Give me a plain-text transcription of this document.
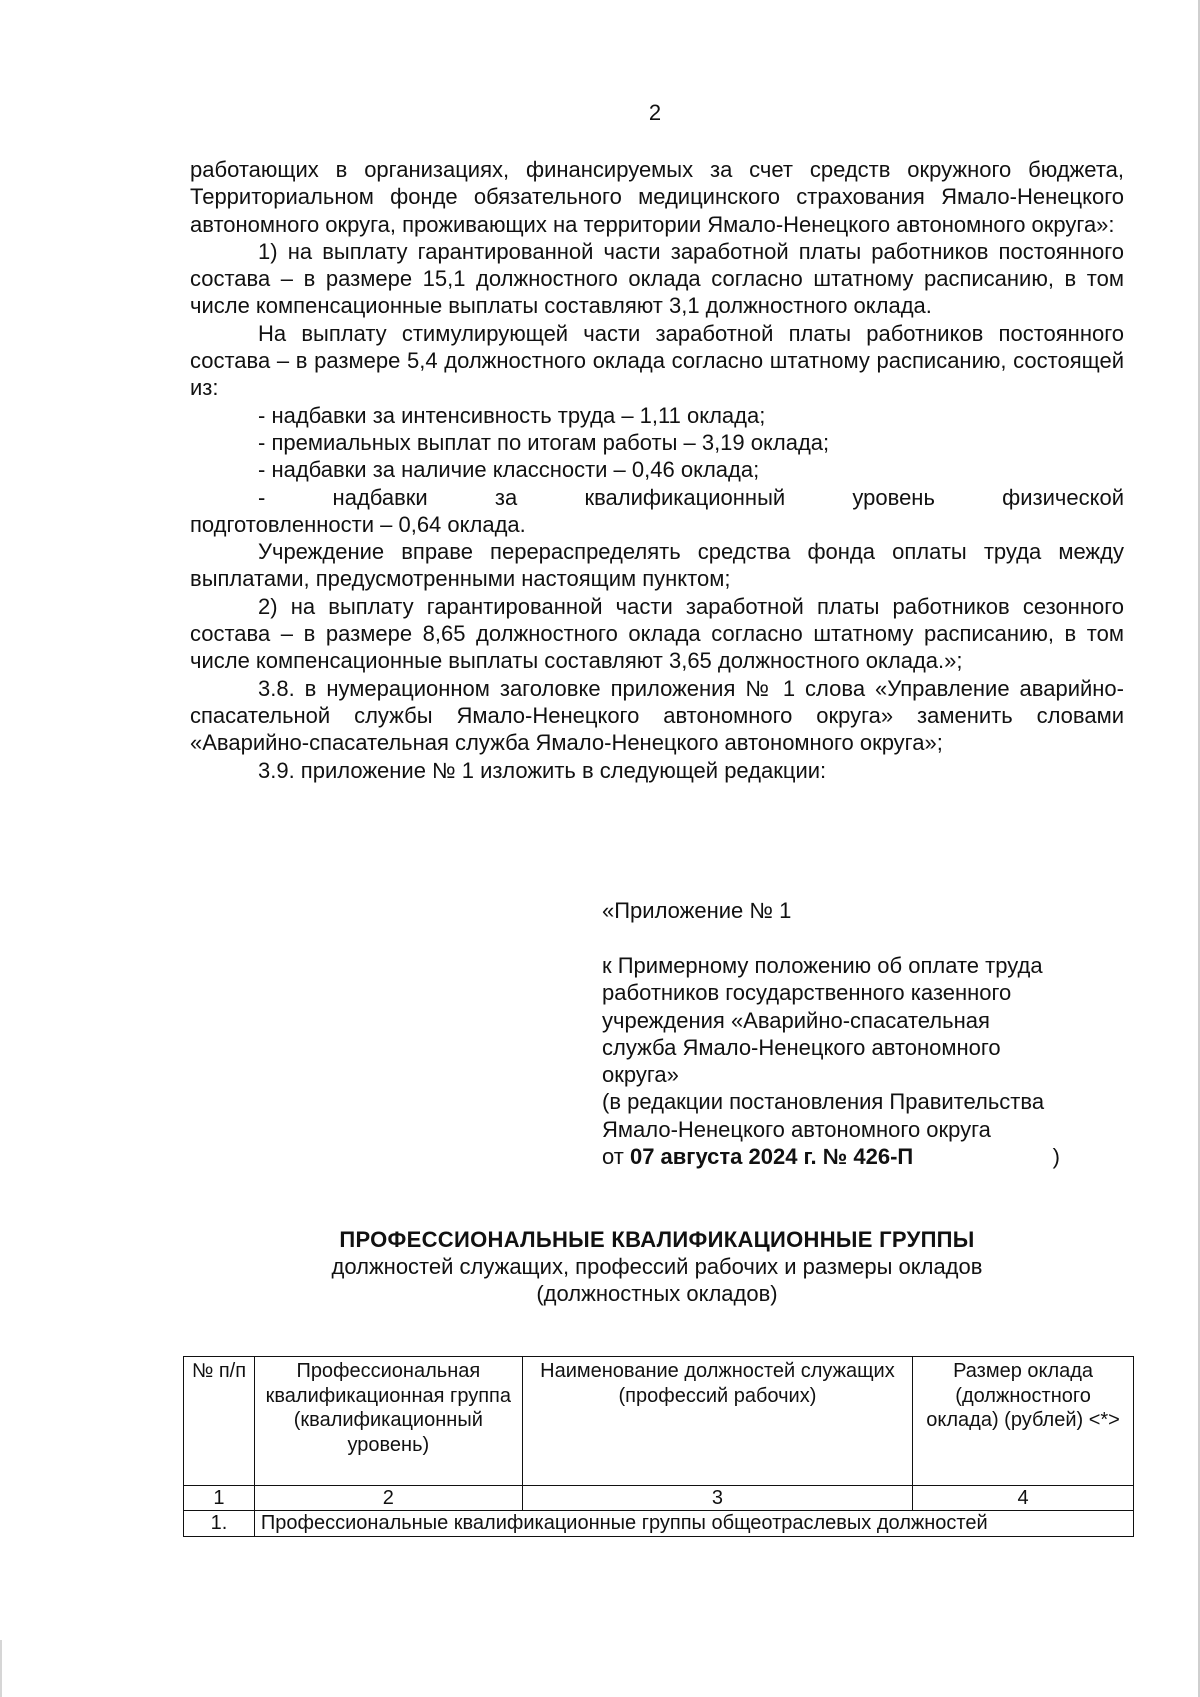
2

работающих в организациях, финансируемых за счет средств окружного бюджета, Территориальном фонде обязательного медицинского страхования Ямало-Ненецкого автономного округа, проживающих на территории Ямало-Ненецкого автономного округа»:

1) на выплату гарантированной части заработной платы работников постоянного состава – в размере 15,1 должностного оклада согласно штатному расписанию, в том числе компенсационные выплаты составляют 3,1 должностного оклада.

На выплату стимулирующей части заработной платы работников постоянного состава – в размере 5,4 должностного оклада согласно штатному расписанию, состоящей из:

- надбавки за интенсивность труда – 1,11 оклада;

- премиальных выплат по итогам работы – 3,19 оклада;

- надбавки за наличие классности – 0,46 оклада;

- надбавки за квалификационный уровень физической

подготовленности – 0,64 оклада.

Учреждение вправе перераспределять средства фонда оплаты труда между выплатами, предусмотренными настоящим пунктом;

2) на выплату гарантированной части заработной платы работников сезонного состава – в размере 8,65 должностного оклада согласно штатному расписанию, в том числе компенсационные выплаты составляют 3,65 должностного оклада.»;

3.8. в нумерационном заголовке приложения № 1 слова «Управление аварийно-спасательной службы Ямало-Ненецкого автономного округа» заменить словами «Аварийно-спасательная служба Ямало-Ненецкого автономного округа»;

3.9. приложение № 1 изложить в следующей редакции:

«Приложение № 1
к Примерному положению об оплате труда
работников государственного казенного
учреждения «Аварийно-спасательная
служба Ямало-Ненецкого автономного
округа»
(в редакции постановления Правительства
Ямало-Ненецкого автономного округа
от 07 августа 2024 г. № 426-П	)
ПРОФЕССИОНАЛЬНЫЕ КВАЛИФИКАЦИОННЫЕ ГРУППЫ
должностей служащих, профессий рабочих и размеры окладов
(должностных окладов)
№ п/п	Профессиональная квалификационная группа (квалификационный уровень)	Наименование должностей служащих (профессий рабочих)	Размер оклада (должностного оклада) (рублей) <*>
1	2	3	4
1.	Профессиональные квалификационные группы общеотраслевых должностей		
